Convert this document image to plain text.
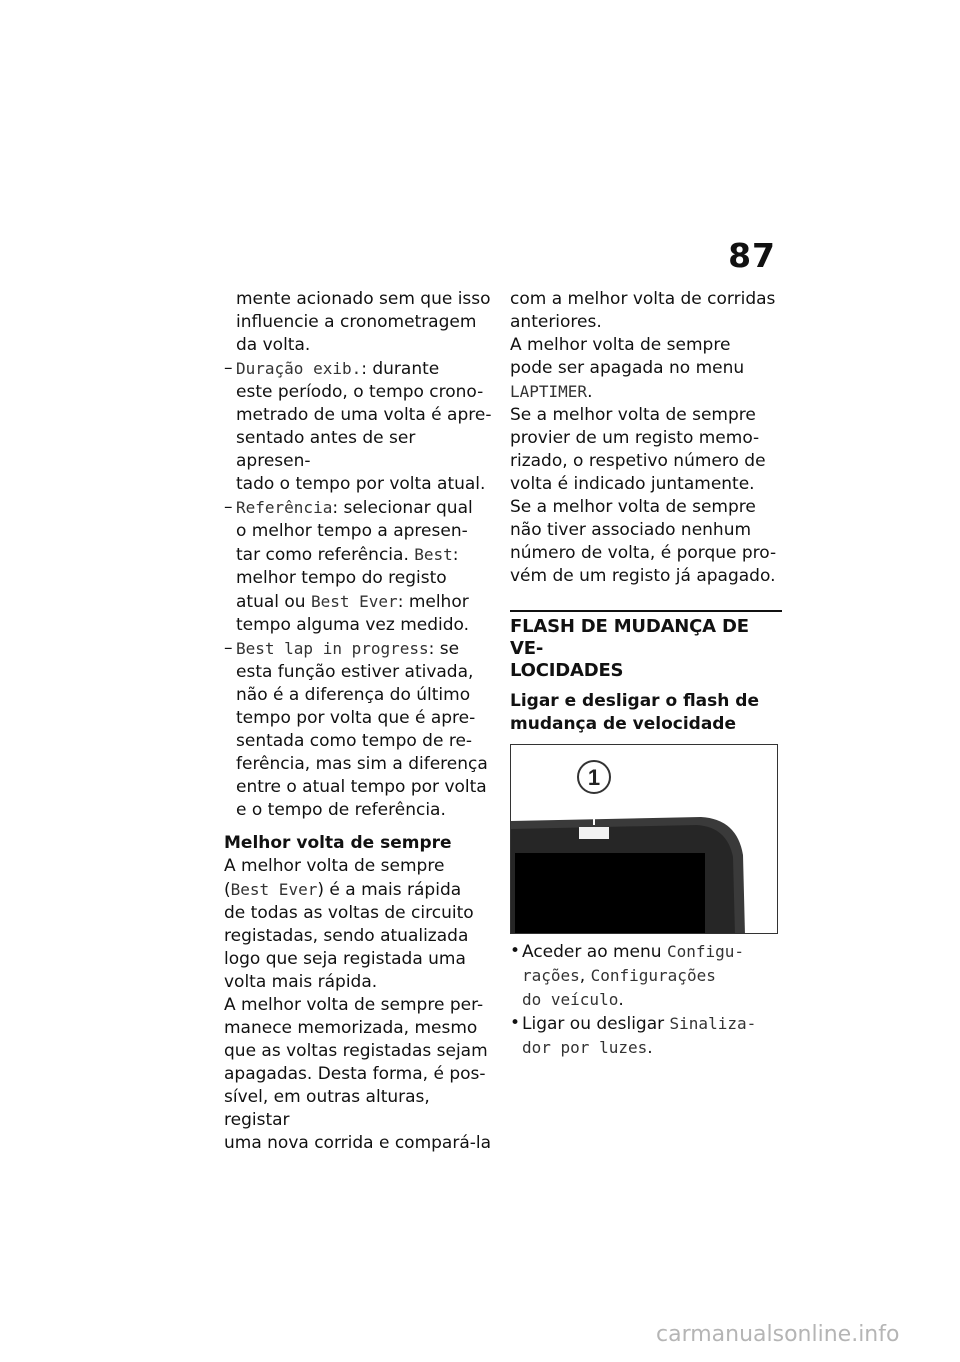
87
mente acionado sem que isso
influencie a cronometragem
da volta.
– Duração exib.: durante
este período, o tempo crono-
metrado de uma volta é apre-
sentado antes de ser apresen-
tado o tempo por volta atual.
– Referência: selecionar qual
o melhor tempo a apresen-
tar como referência. Best:
melhor tempo do registo
atual ou Best Ever: melhor
tempo alguma vez medido.
– Best lap in progress: se
esta função estiver ativada,
não é a diferença do último
tempo por volta que é apre-
sentada como tempo de re-
ferência, mas sim a diferença
entre o atual tempo por volta
e o tempo de referência.
Melhor volta de sempre
A melhor volta de sempre
(Best Ever) é a mais rápida
de todas as voltas de circuito
registadas, sendo atualizada
logo que seja registada uma
volta mais rápida.
A melhor volta de sempre per-
manece memorizada, mesmo
que as voltas registadas sejam
apagadas. Desta forma, é pos-
sível, em outras alturas, registar
uma nova corrida e compará-la
com a melhor volta de corridas
anteriores.
A melhor volta de sempre
pode ser apagada no menu
LAPTIMER.
Se a melhor volta de sempre
provier de um registo memo-
rizado, o respetivo número de
volta é indicado juntamente.
Se a melhor volta de sempre
não tiver associado nenhum
número de volta, é porque pro-
vém de um registo já apagado.
FLASH DE MUDANÇA DE VE-
LOCIDADES
Ligar e desligar o flash de
mudança de velocidade
1
• Aceder ao menu Configu-
rações, Configurações
do veículo.
• Ligar ou desligar Sinaliza-
dor por luzes.
carmanualsonline.info
